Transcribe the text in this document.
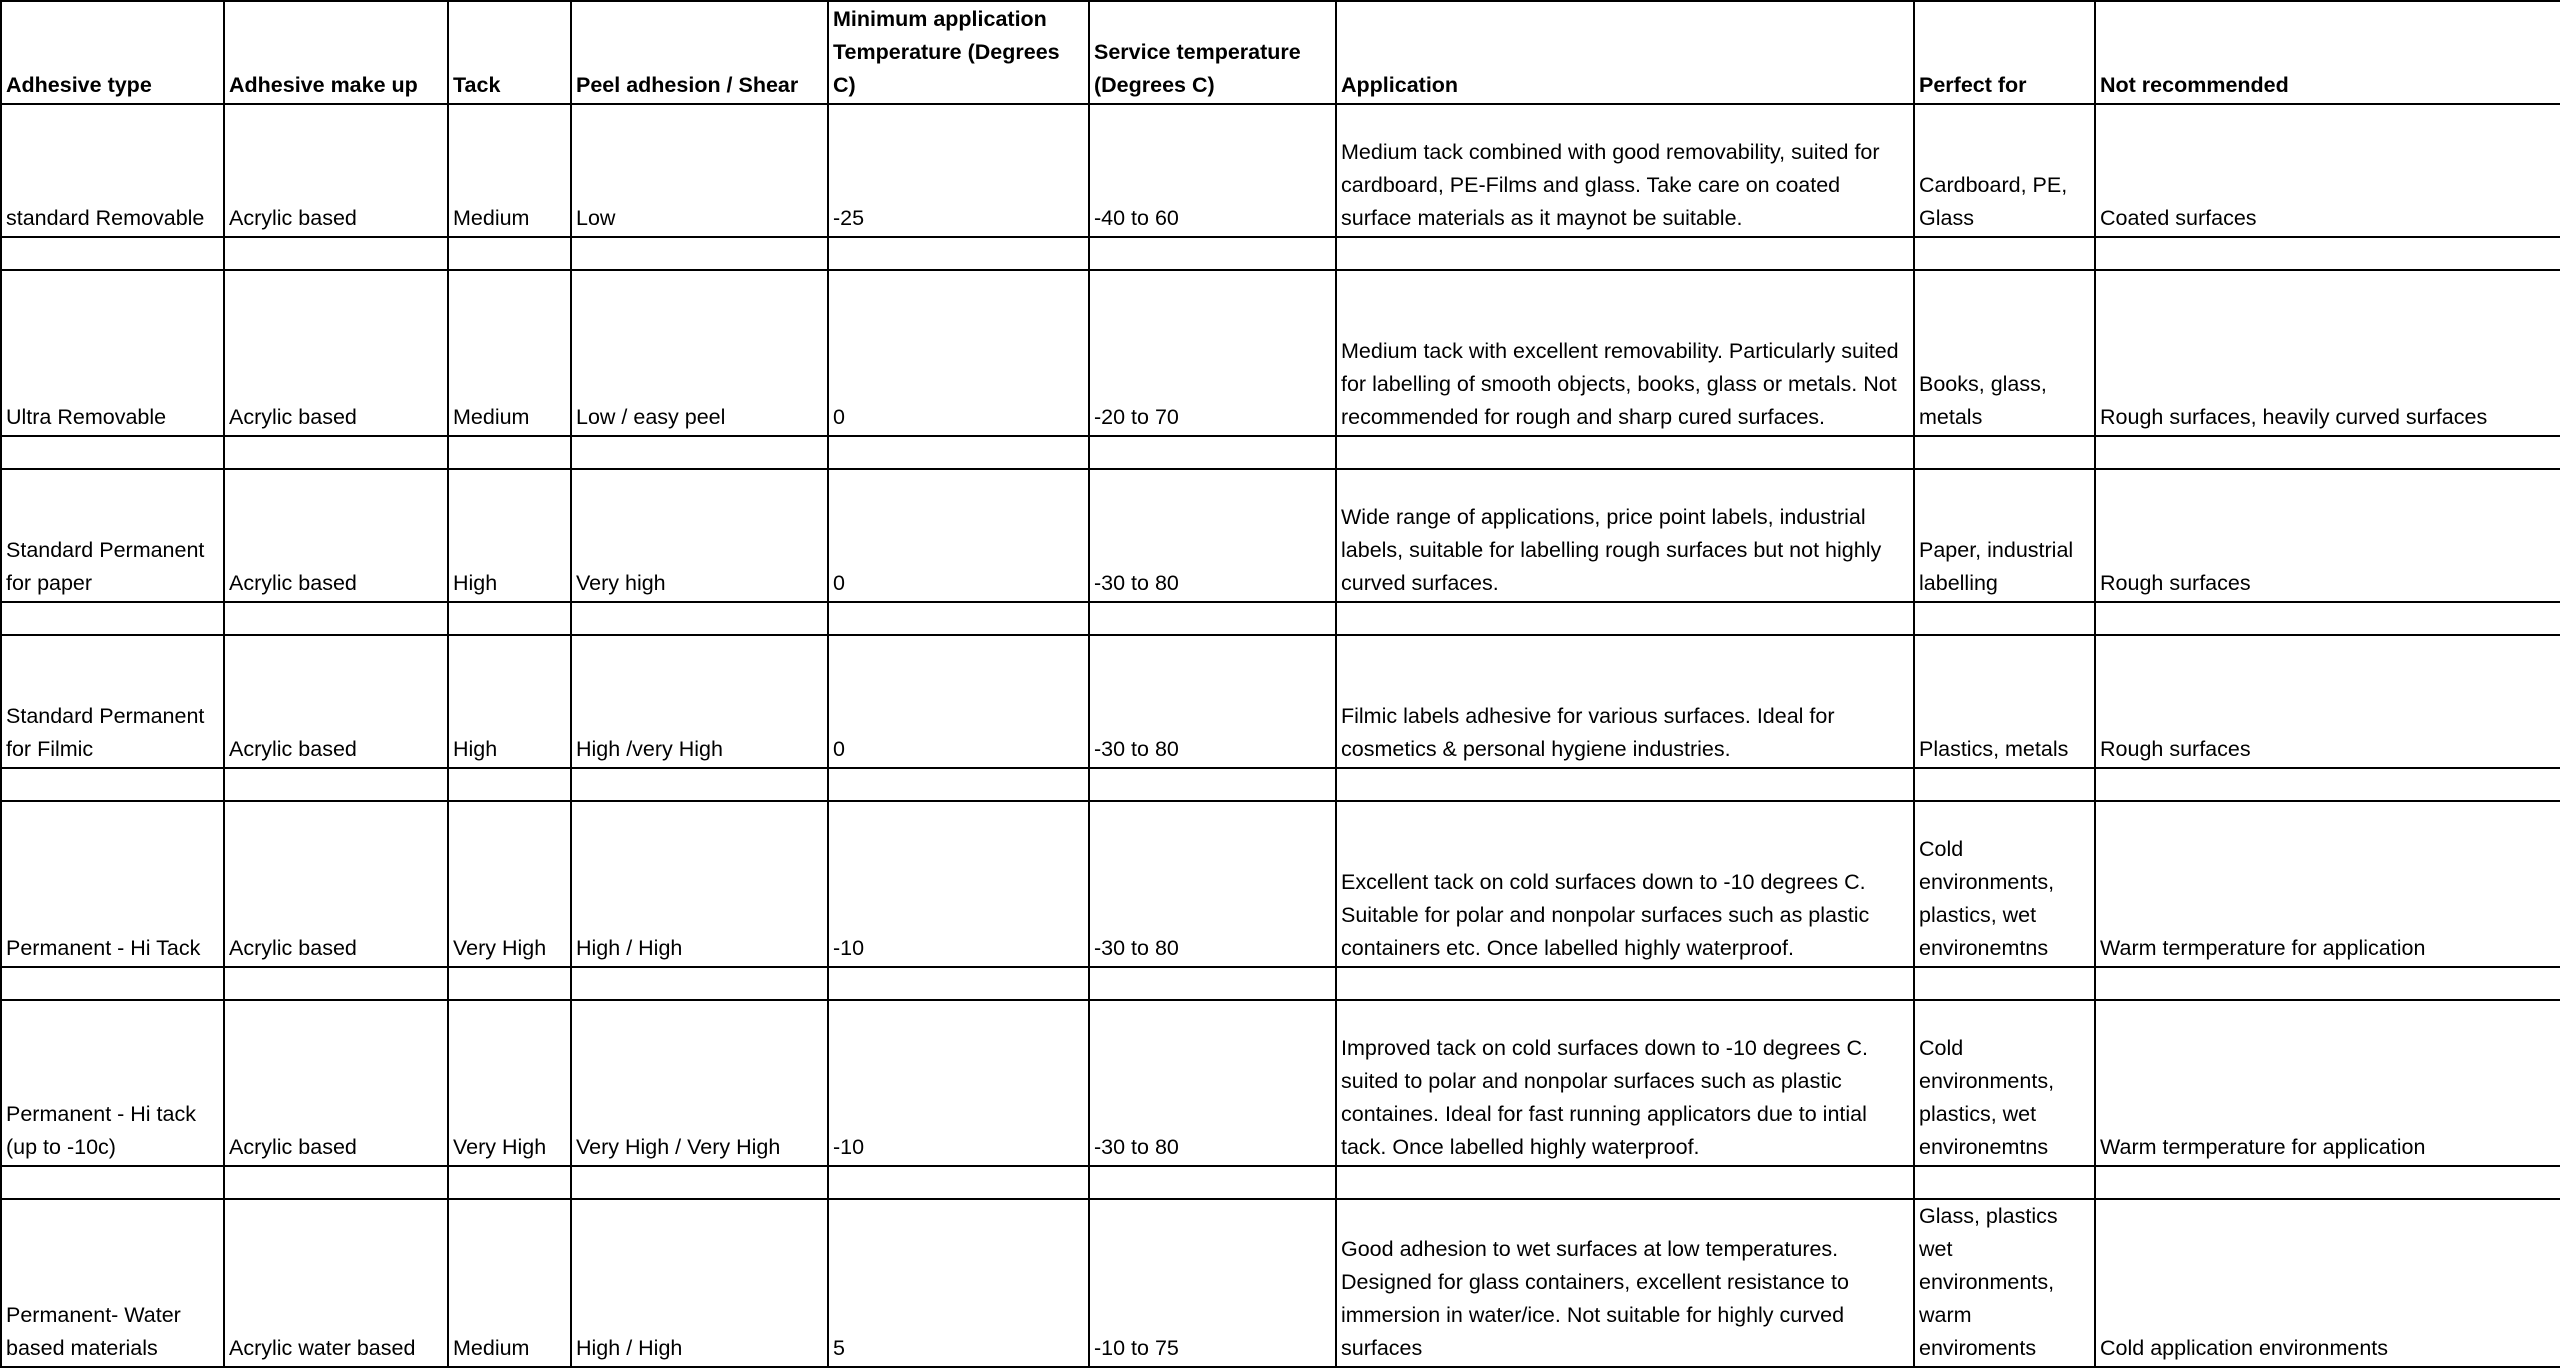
Adhesive type	Adhesive make up	Tack	Peel adhesion / Shear	Minimum application Temperature (Degrees C)	Service temperature (Degrees C)	Application	Perfect for	Not recommended
standard Removable	Acrylic based	Medium	Low	-25	-40 to 60	Medium tack combined with good removability, suited for cardboard, PE-Films and glass. Take care on coated surface materials as it maynot be suitable.	Cardboard, PE, Glass	Coated surfaces

Ultra Removable	Acrylic based	Medium	Low / easy peel	0	-20 to 70	Medium tack with excellent removability. Particularly suited for labelling of smooth objects, books, glass or metals. Not recommended for rough and sharp cured surfaces.	Books, glass, metals	Rough surfaces, heavily curved surfaces

Standard Permanent for paper	Acrylic based	High	Very high	0	-30 to 80	Wide range of applications, price point labels, industrial labels, suitable for labelling rough surfaces but not highly curved surfaces.	Paper, industrial labelling	Rough surfaces

Standard Permanent for Filmic	Acrylic based	High	High /very High	0	-30 to 80	Filmic labels adhesive for various surfaces. Ideal for cosmetics & personal hygiene industries.	Plastics, metals	Rough surfaces

Permanent - Hi Tack	Acrylic based	Very High	High / High	-10	-30 to 80	Excellent tack on cold surfaces down to -10 degrees C. Suitable for polar and nonpolar surfaces such as plastic containers etc. Once labelled highly waterproof.	Cold environments, plastics, wet environemtns	Warm termperature for application

Permanent - Hi tack (up to -10c)	Acrylic based	Very High	Very High / Very High	-10	-30 to 80	Improved tack on cold surfaces down to -10 degrees C. suited to polar and nonpolar surfaces such as plastic containes. Ideal for fast running applicators due to intial tack. Once labelled highly waterproof.	Cold environments, plastics, wet environemtns	Warm termperature for application

Permanent- Water based materials	Acrylic water based	Medium	High / High	5	-10 to 75	Good adhesion to wet surfaces at low temperatures. Designed for glass containers, excellent resistance to immersion in water/ice. Not suitable for highly curved surfaces	Glass, plastics wet environments, warm enviroments	Cold application environments
